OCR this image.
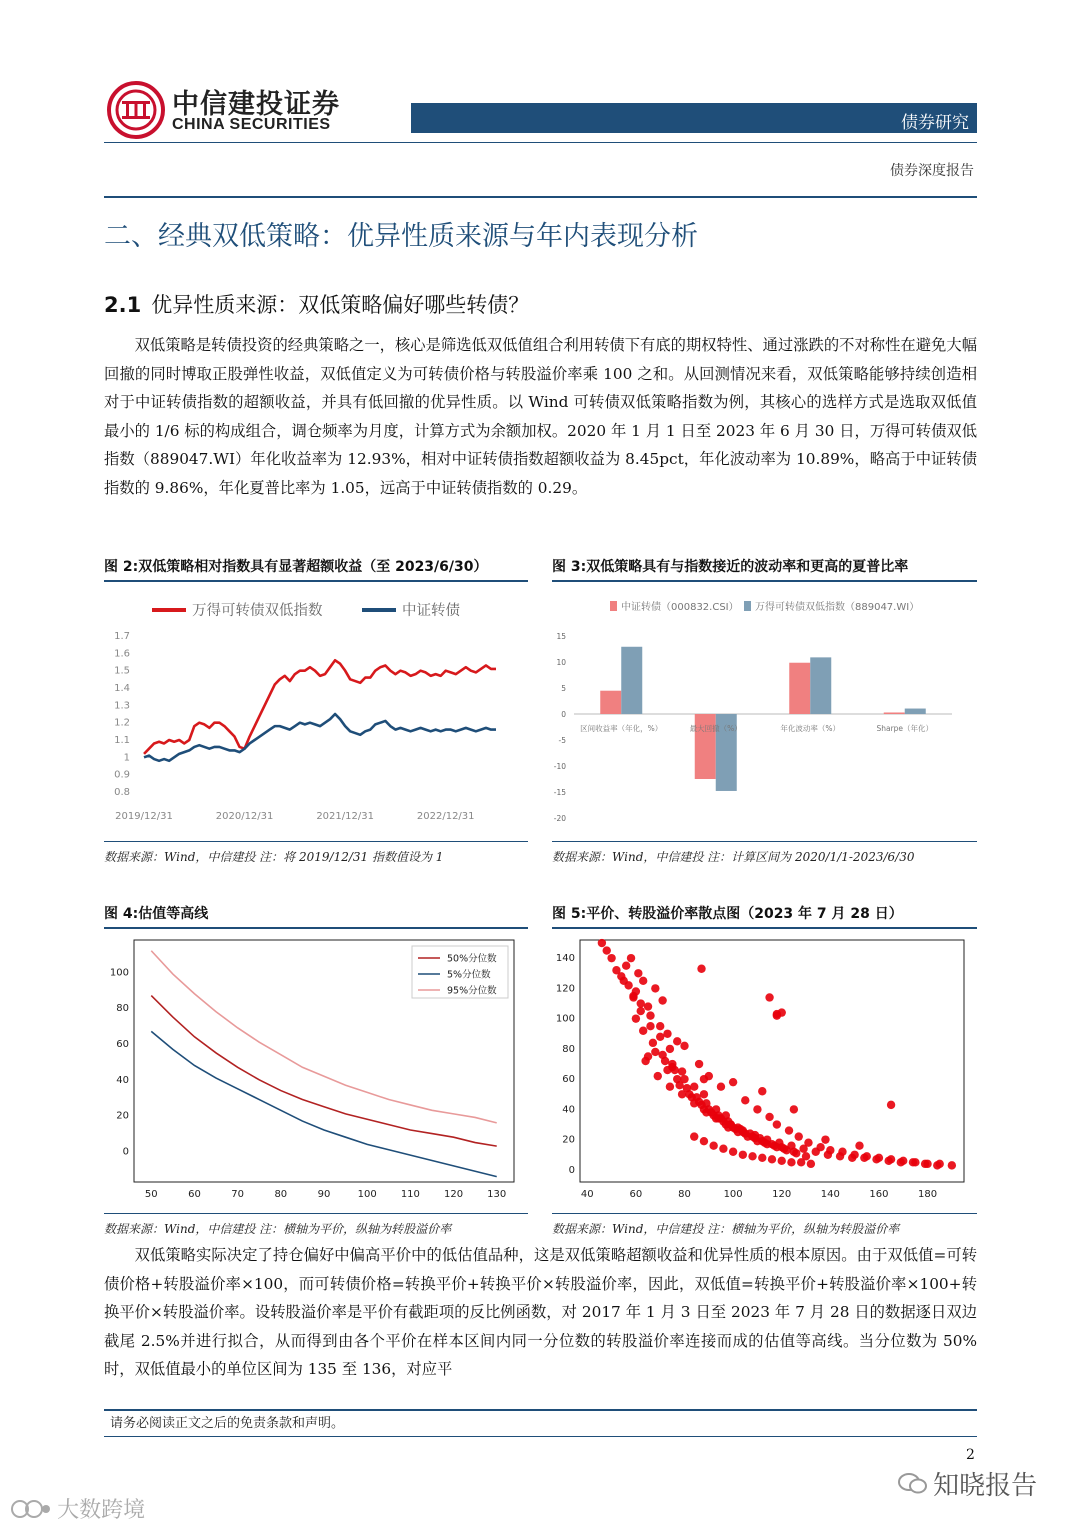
中信建投证券
CHINA SECURITIES	债券研究
债券深度报告
二、经典双低策略：优异性质来源与年内表现分析
2.1 优异性质来源：双低策略偏好哪些转债？
双低策略是转债投资的经典策略之一，核心是筛选低双低值组合利用转债下有底的期权特性、通过涨跌的不对称性在避免大幅回撤的同时博取正股弹性收益，双低值定义为可转债价格与转股溢价率乘 100 之和。从回测情况来看，双低策略能够持续创造相对于中证转债指数的超额收益，并具有低回撤的优异性质。以 Wind 可转债双低策略指数为例，其核心的选样方式是选取双低值最小的 1/6 标的构成组合，调仓频率为月度，计算方式为余额加权。2020 年 1 月 1 日至 2023 年 6 月 30 日，万得可转债双低指数（889047.WI）年化收益率为 12.93%，相对中证转债指数超额收益为 8.45pct，年化波动率为 10.89%，略高于中证转债指数的 9.86%，年化夏普比率为 1.05，远高于中证转债指数的 0.29。
图 2:双低策略相对指数具有显著超额收益（至 2023/6/30）	图 3:双低策略具有与指数接近的波动率和更高的夏普比率
0.8
0.9
1
1.1
1.2
1.3
1.4
1.5
1.6
1.7
2019/12/31	2020/12/31	2021/12/31	2022/12/31
万得可转债双低指数	中证转债
-20
-15
-10
-5
0
5
10
15
区间收益率（年化，%）	最大回撤（%）	年化波动率（%）	Sharpe（年化）
中证转债（000832.CSI） 万得可转债双低指数（889047.WI）
数据来源：Wind，中信建投 注：将 2019/12/31 指数值设为 1	数据来源：Wind，中信建投 注：计算区间为 2020/1/1-2023/6/30
图 4:估值等高线	图 5:平价、转股溢价率散点图（2023 年 7 月 28 日）
50	60	70	80	90	100 110 120 130
0
20
40
60
80
100
50%分位数
5%分位数
95%分位数
40	60	80	100	120	140	160	180
0
20
40
60
80
100
120
140
数据来源：Wind，中信建投 注：横轴为平价，纵轴为转股溢价率	数据来源：Wind，中信建投 注：横轴为平价，纵轴为转股溢价率
双低策略实际决定了持仓偏好中偏高平价中的低估值品种，这是双低策略超额收益和优异性质的根本原因。由于双低值=可转债价格+转股溢价率×100，而可转债价格=转换平价+转换平价×转股溢价率，因此，双低值=转换平价+转股溢价率×100+转换平价×转股溢价率。设转股溢价率是平价有截距项的反比例函数，对 2017 年 1 月 3 日至 2023 年 7 月 28 日的数据逐日双边截尾 2.5%并进行拟合，从而得到由各个平价在样本区间内同一分位数的转股溢价率连接而成的估值等高线。当分位数为 50%时，双低值最小的单位区间为 135 至 136，对应平
请务必阅读正文之后的免责条款和声明。
2
知晓报告
大数跨境
